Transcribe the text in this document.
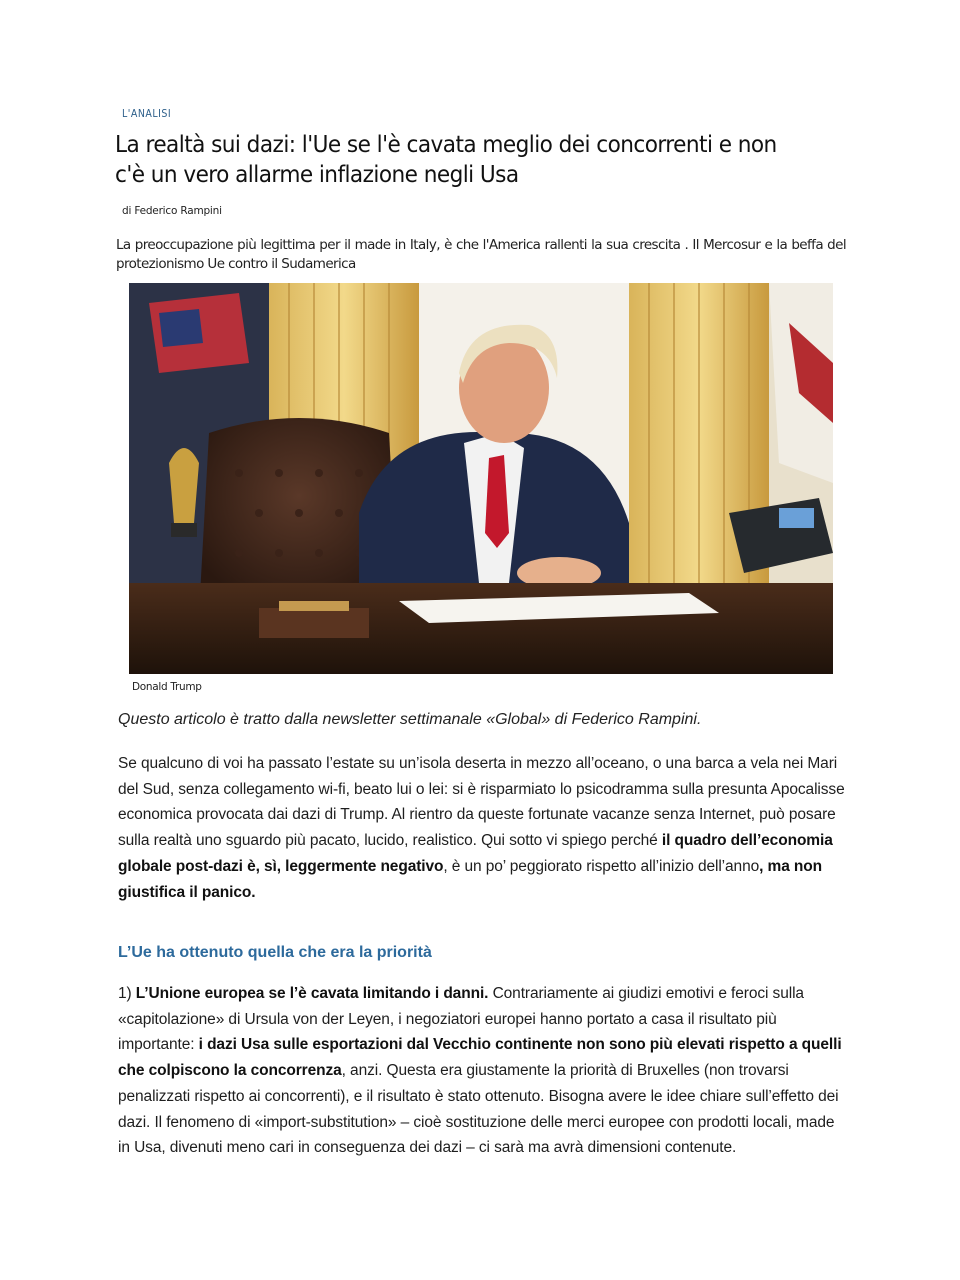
L'ANALISI
La realtà sui dazi: l'Ue se l'è cavata meglio dei concorrenti e non c'è un vero allarme inflazione negli Usa
di Federico Rampini

La preoccupazione più legittima per il made in Italy, è che l'America rallenti la sua crescita . Il Mercosur e la beffa del protezionismo Ue contro il Sudamerica

Donald Trump

Questo articolo è tratto dalla newsletter settimanale «Global» di Federico Rampini.

Se qualcuno di voi ha passato l’estate su un’isola deserta in mezzo all’oceano, o una barca a vela nei Mari del Sud, senza collegamento wi-fi, beato lui o lei: si è risparmiato lo psicodramma sulla presunta Apocalisse economica provocata dai dazi di Trump. Al rientro da queste fortunate vacanze senza Internet, può posare sulla realtà uno sguardo più pacato, lucido, realistico. Qui sotto vi spiego perché il quadro dell’economia globale post-dazi è, sì, leggermente negativo, è un po’ peggiorato rispetto all’inizio dell’anno, ma non giustifica il panico.

L’Ue ha ottenuto quella che era la priorità

1) L’Unione europea se l’è cavata limitando i danni. Contrariamente ai giudizi emotivi e feroci sulla «capitolazione» di Ursula von der Leyen, i negoziatori europei hanno portato a casa il risultato più importante: i dazi Usa sulle esportazioni dal Vecchio continente non sono più elevati rispetto a quelli che colpiscono la concorrenza, anzi. Questa era giustamente la priorità di Bruxelles (non trovarsi penalizzati rispetto ai concorrenti), e il risultato è stato ottenuto. Bisogna avere le idee chiare sull’effetto dei dazi. Il fenomeno di «import-substitution» – cioè sostituzione delle merci europee con prodotti locali, made in Usa, divenuti meno cari in conseguenza dei dazi – ci sarà ma avrà dimensioni contenute.
